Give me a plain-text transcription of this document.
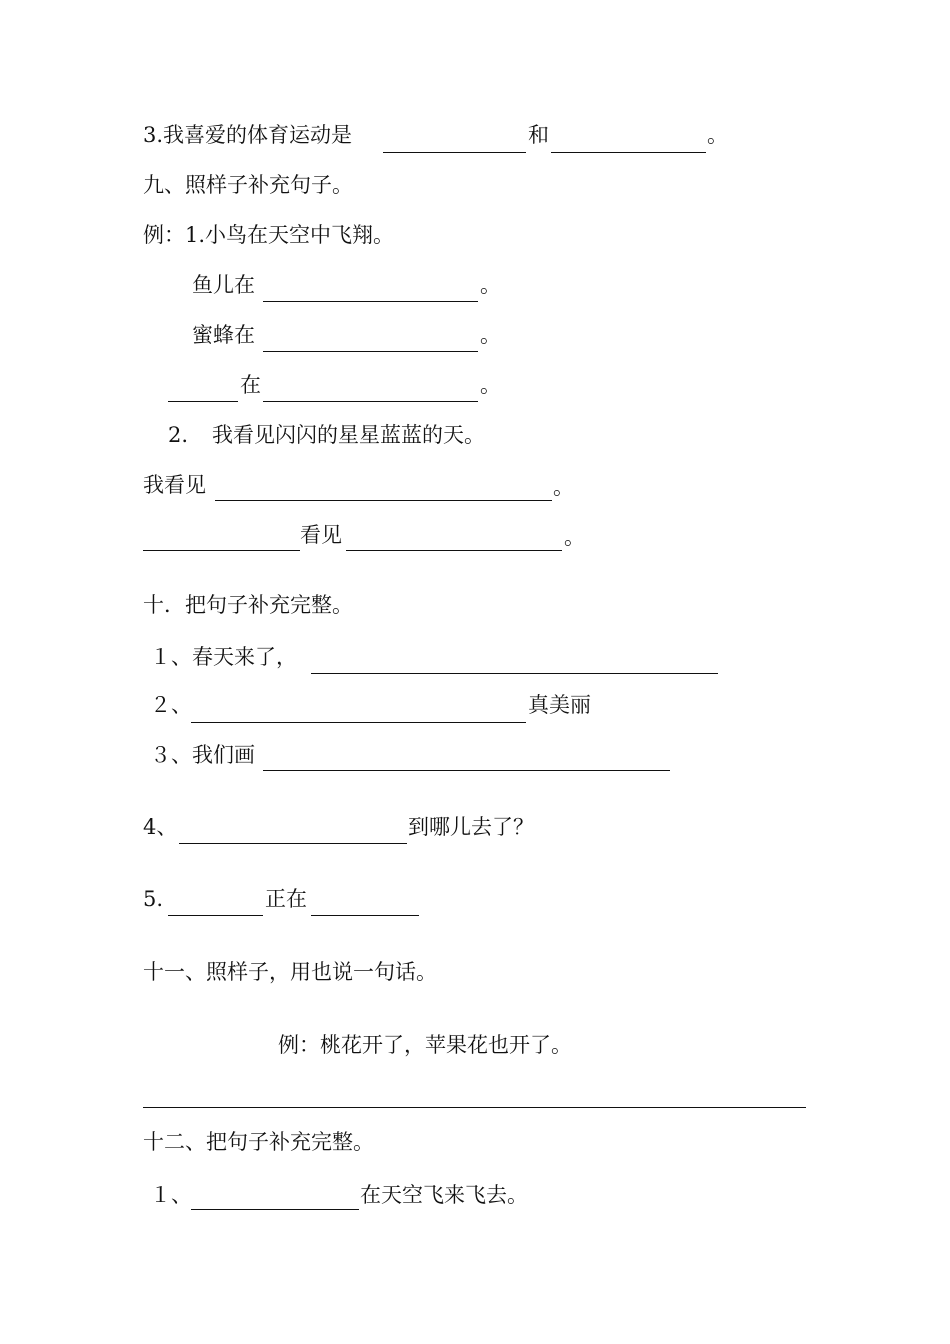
3.我喜爱的体育运动是	和	。
九、照样子补充句子。
例：1.小鸟在天空中飞翔。
鱼儿在	。
蜜蜂在	。
在	。
2. 我看见闪闪的星星蓝蓝的天。
我看见	。
看见	。
十．把句子补充完整。
１、春天来了，
２、	真美丽
３、我们画
4、	到哪儿去了？
5.	正在
十一、照样子，用也说一句话。
例：桃花开了，苹果花也开了。
十二、把句子补充完整。
１、	在天空飞来飞去。
